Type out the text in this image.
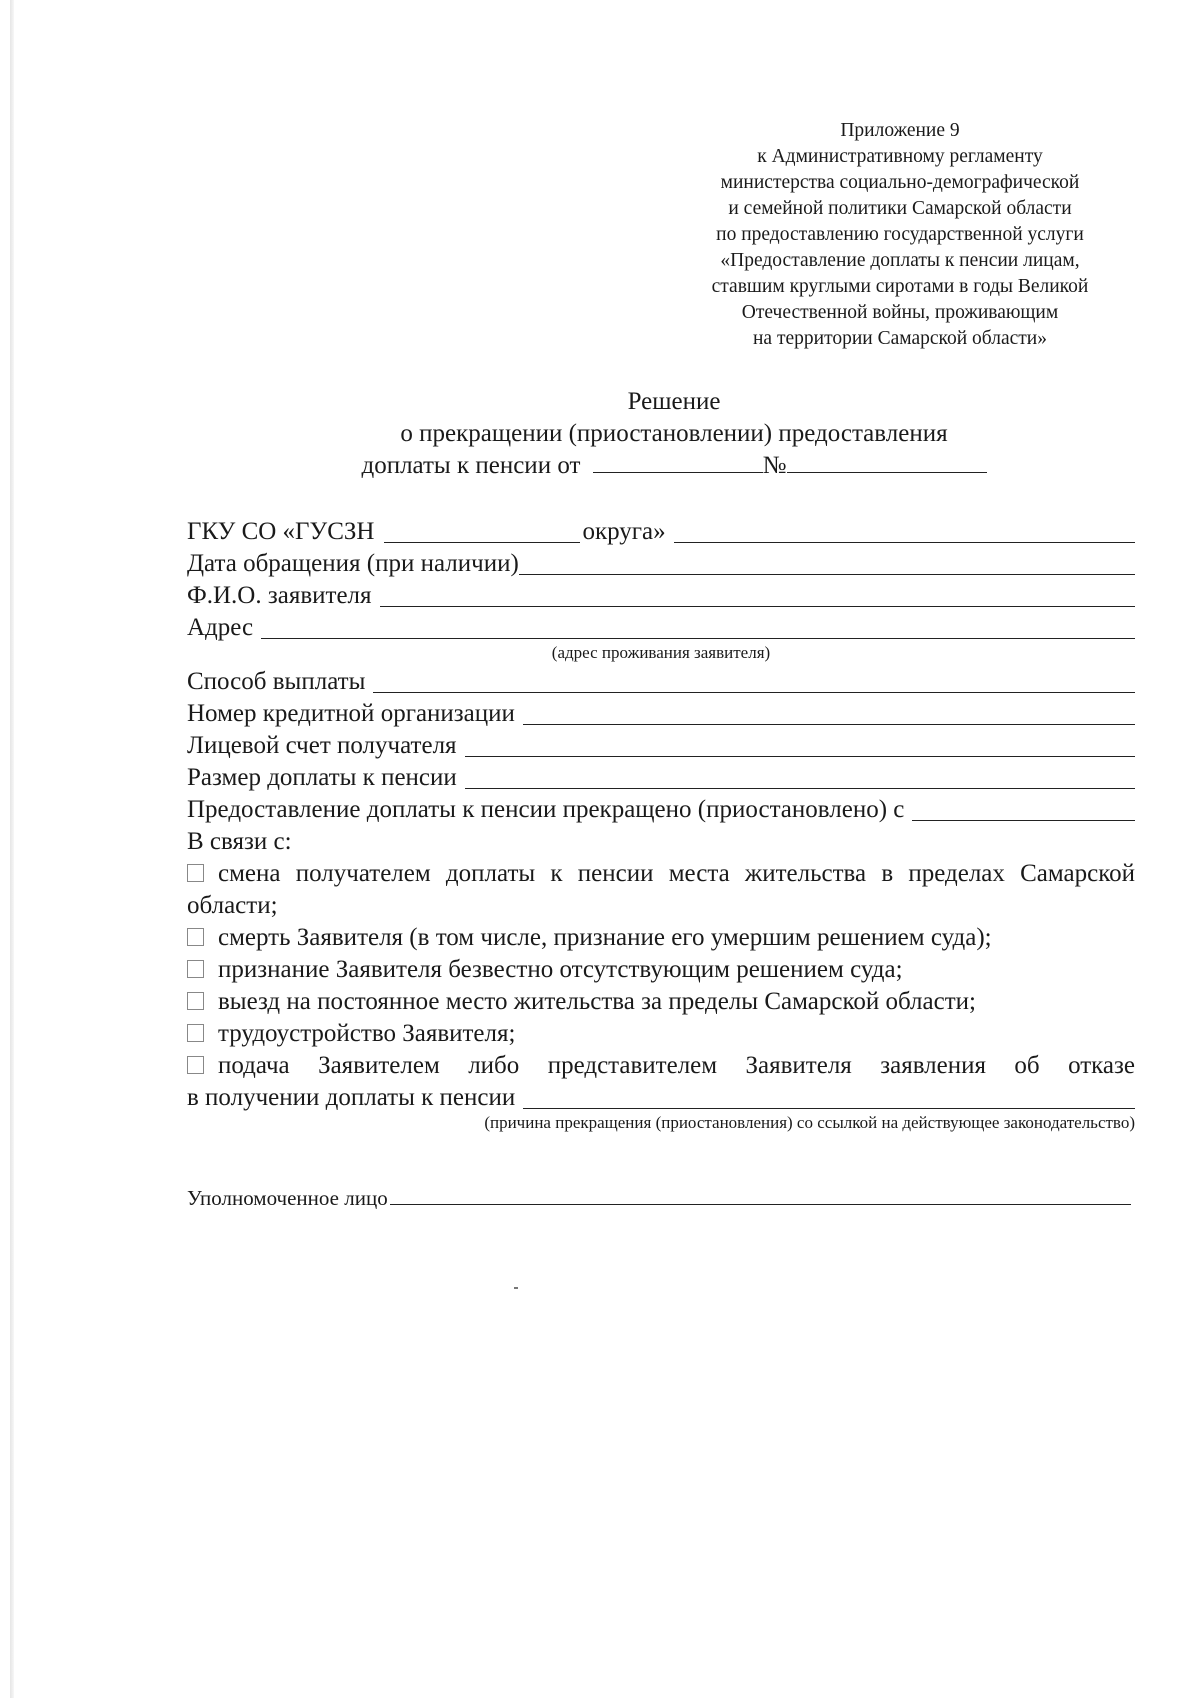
Приложение 9
к Административному регламенту
министерства социально-демографической
и семейной политики Самарской области
по предоставлению государственной услуги
«Предоставление доплаты к пенсии лицам,
ставшим круглыми сиротами в годы Великой
Отечественной войны, проживающим
на территории Самарской области»
Решение
о прекращении (приостановлении) предоставления
доплаты к пенсии от	№
ГКУ СО «ГУСЗН	округа»
Дата обращения (при наличии)
Ф.И.О. заявителя
Адрес
(адрес проживания заявителя)
Способ выплаты
Номер кредитной организации
Лицевой счет получателя
Размер доплаты к пенсии
Предоставление доплаты к пенсии прекращено (приостановлено) с
В связи с:
смена получателем доплаты к пенсии места жительства в пределах Самарской области;
смерть Заявителя (в том числе, признание его умершим решением суда);
признание Заявителя безвестно отсутствующим решением суда;
выезд на постоянное место жительства за пределы Самарской области;
трудоустройство Заявителя;
подача Заявителем либо представителем Заявителя заявления об отказе
в получении доплаты к пенсии
(причина прекращения (приостановления) со ссылкой на действующее законодательство)
Уполномоченное лицо
